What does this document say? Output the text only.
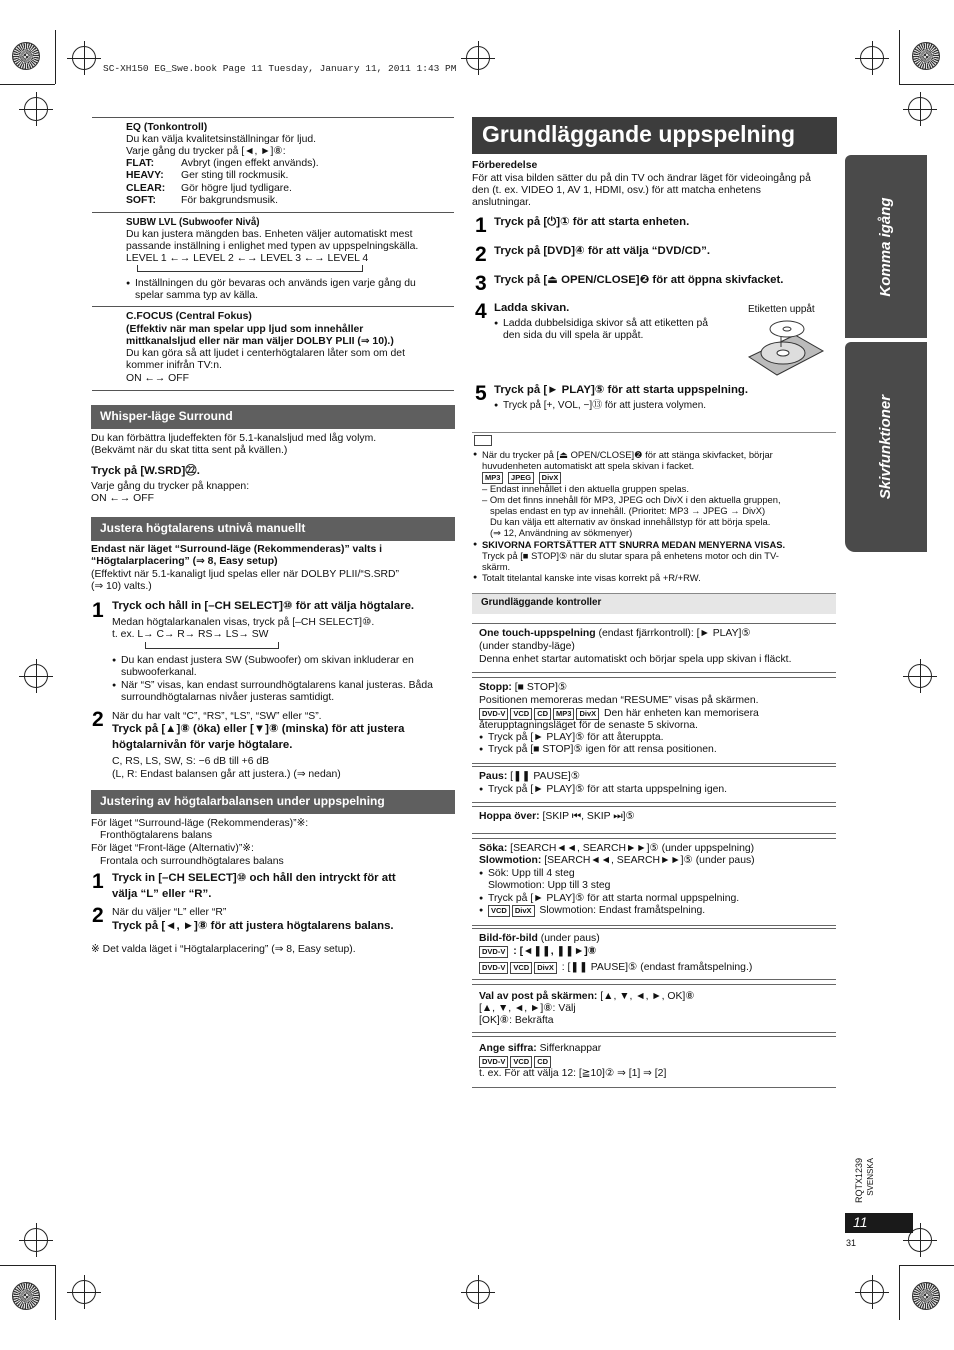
SC-XH150 EG_Swe.book Page 11 Tuesday, January 11, 2011 1:43 PM
EQ (Tonkontroll)
Du kan välja kvalitetsinställningar för ljud.
Varje gång du trycker på [◄, ►]⑧:
FLAT:	Avbryt (ingen effekt används).
HEAVY: Ger sting till rockmusik.
CLEAR: Gör högre ljud tydligare.
SOFT: För bakgrundsmusik.
SUBW LVL (Subwoofer Nivå)
Du kan justera mängden bas. Enheten väljer automatiskt mest
passande inställning i enlighet med typen av uppspelningskälla.
LEVEL 1 ←→ LEVEL 2 ←→ LEVEL 3 ←→ LEVEL 4
● Inställningen du gör bevaras och används igen varje gång du
spelar samma typ av källa.
C.FOCUS (Central Fokus)
(Effektiv när man spelar upp ljud som innehåller
mittkanalsljud eller när man väljer DOLBY PLII (⇒ 10).)
Du kan göra så att ljudet i centerhögtalaren låter som om det
kommer inifrån TV:n.
ON ←→ OFF
Whisper-läge Surround
Du kan förbättra ljudeffekten för 5.1-kanalsljud med låg volym.
(Bekvämt när du skat titta sent på kvällen.)
Tryck på [W.SRD]㉒.
Varje gång du trycker på knappen:
ON ←→ OFF
Justera högtalarens utnivå manuellt
Endast när läget “Surround-läge (Rekommenderas)” valts i
“Högtalarplacering” (⇒ 8, Easy setup)
(Effektivt när 5.1-kanaligt ljud spelas eller när DOLBY PLII/“S.SRD”
(⇒ 10) valts.)
1 Tryck och håll in [–CH SELECT]⑩ för att välja högtalare.
Medan högtalarkanalen visas, tryck på [–CH SELECT]⑩.
t. ex. L→ C→ R→ RS→ LS→ SW
● Du kan endast justera SW (Subwoofer) om skivan inkluderar en
subwooferkanal.
● När “S” visas, kan endast surroundhögtalarens kanal justeras. Båda
surroundhögtalarnas nivåer justeras samtidigt.
2 När du har valt “C”, “RS”, “LS”, “SW” eller “S”.
Tryck på [▲]⑧ (öka) eller [▼]⑧ (minska) för att justera
högtalarnivån för varje högtalare.
C, RS, LS, SW, S: −6 dB till +6 dB
(L, R: Endast balansen går att justera.) (⇒ nedan)
Justering av högtalarbalansen under uppspelning
För läget “Surround-läge (Rekommenderas)”※:
Fronthögtalarens balans
För läget “Front-läge (Alternativ)”※:
Frontala och surroundhögtalares balans
1 Tryck in [–CH SELECT]⑩ och håll den intryckt för att
välja “L” eller “R”.
2 När du väljer “L” eller “R”
Tryck på [◄, ►]⑧ för att justera högtalarens balans.
※ Det valda läget i “Högtalarplacering” (⇒ 8, Easy setup).
Grundläggande uppspelning
Förberedelse
För att visa bilden sätter du på din TV och ändrar läget för videoingång på
den (t. ex. VIDEO 1, AV 1, HDMI, osv.) för att matcha enhetens
anslutningar.
1 Tryck på [⏻]① för att starta enheten.
2 Tryck på [DVD]④ för att välja “DVD/CD”.
3 Tryck på [⏏ OPEN/CLOSE]❷ för att öppna skivfacket.
4 Ladda skivan.
● Ladda dubbelsidiga skivor så att etiketten på
den sida du vill spela är uppåt.
Etiketten uppåt
5 Tryck på [► PLAY]⑤ för att starta uppspelning.
● Tryck på [+, VOL, −]⑬ för att justera volymen.
● När du trycker på [⏏ OPEN/CLOSE]❷ för att stänga skivfacket, börjar
huvudenheten automatiskt att spela skivan i facket.
MP3 JPEG DivX
– Endast innehållet i den aktuella gruppen spelas.
– Om det finns innehåll för MP3, JPEG och DivX i den aktuella gruppen,
spelas endast en typ av innehåll. (Prioritet: MP3 → JPEG → DivX)
Du kan välja ett alternativ av önskad innehållstyp för att börja spela.
(⇒ 12, Användning av sökmenyer)
● SKIVORNA FORTSÄTTER ATT SNURRA MEDAN MENYERNA VISAS.
Tryck på [■ STOP]⑤ när du slutar spara på enhetens motor och din TV-
skärm.
● Totalt titelantal kanske inte visas korrekt på +R/+RW.
Grundläggande kontroller
One touch-uppspelning (endast fjärrkontroll): [► PLAY]⑤
(under standby-läge)
Denna enhet startar automatiskt och börjar spela upp skivan i fläckt.
Stopp: [■ STOP]⑤
Positionen memoreras medan “RESUME” visas på skärmen.
DVD-V VCD CD MP3 DivX Den här enheten kan memorisera
återupptagningsläget för de senaste 5 skivorna.
● Tryck på [► PLAY]⑤ för att återuppta.
● Tryck på [■ STOP]⑤ igen för att rensa positionen.
Paus: [❚❚ PAUSE]⑤
● Tryck på [► PLAY]⑤ för att starta uppspelning igen.
Hoppa över: [SKIP ⏮, SKIP ⏭]⑤
Söka: [SEARCH◄◄, SEARCH►►]⑤ (under uppspelning)
Slowmotion: [SEARCH◄◄, SEARCH►►]⑤ (under paus)
● Sök: Upp till 4 steg
Slowmotion: Upp till 3 steg
● Tryck på [► PLAY]⑤ för att starta normal uppspelning.
● VCD DivX Slowmotion: Endast framåtspelning.
Bild-för-bild (under paus)
DVD-V : [◄❚❚, ❚❚►]⑧
DVD-V VCD DivX : [❚❚ PAUSE]⑤ (endast framåtspelning.)
Val av post på skärmen: [▲, ▼, ◄, ►, OK]⑧
[▲, ▼, ◄, ►]⑧: Välj
[OK]⑧: Bekräfta
Ange siffra: Sifferknappar
DVD-V VCD CD
t. ex. För att välja 12: [≧10]② ⇒ [1] ⇒ [2]
Komma igång
Skivfunktioner
RQTX1239 SVENSKA
11
31
